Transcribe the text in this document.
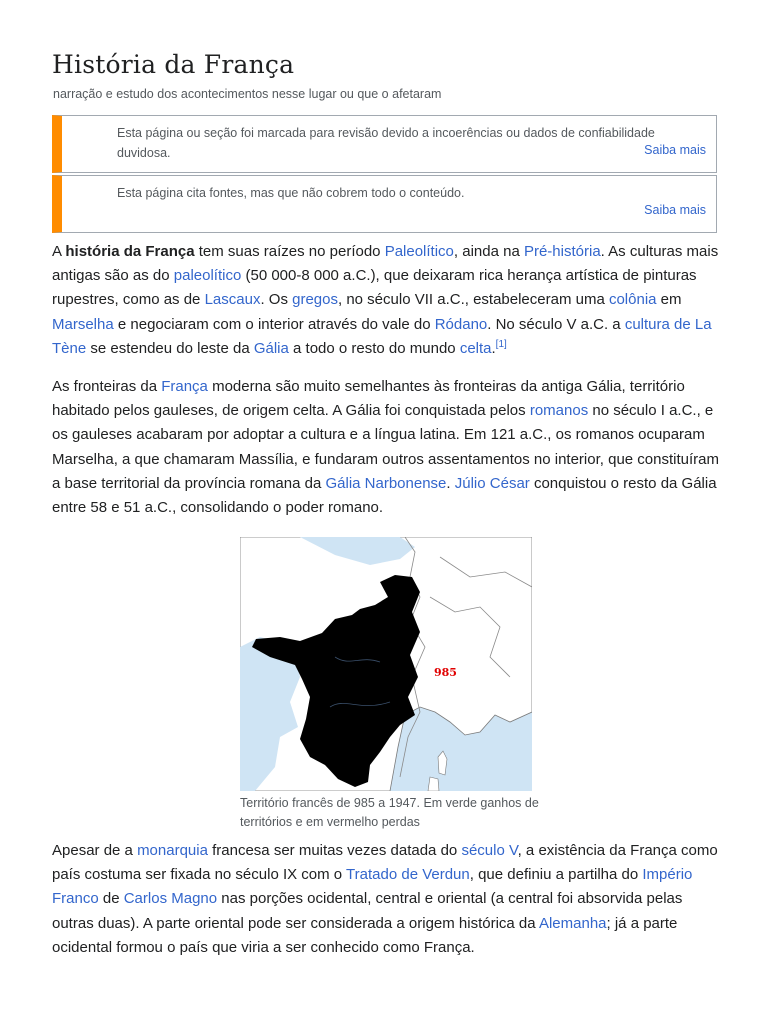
História da França
narração e estudo dos acontecimentos nesse lugar ou que o afetaram
Esta página ou seção foi marcada para revisão devido a incoerências ou dados de confiabilidade duvidosa.	Saiba mais
Esta página cita fontes, mas que não cobrem todo o conteúdo.
Saiba mais

A história da França tem suas raízes no período Paleolítico, ainda na Pré-história. As culturas mais antigas são as do paleolítico (50 000-8 000 a.C.), que deixaram rica herança artística de pinturas rupestres, como as de Lascaux. Os gregos, no século VII a.C., estabeleceram uma colônia em Marselha e negociaram com o interior através do vale do Ródano. No século V a.C. a cultura de La Tène se estendeu do leste da Gália a todo o resto do mundo celta.[1]

As fronteiras da França moderna são muito semelhantes às fronteiras da antiga Gália, território habitado pelos gauleses, de origem celta. A Gália foi conquistada pelos romanos no século I a.C., e os gauleses acabaram por adoptar a cultura e a língua latina. Em 121 a.C., os romanos ocuparam Marselha, a que chamaram Massília, e fundaram outros assentamentos no interior, que constituíram a base territorial da província romana da Gália Narbonense. Júlio César conquistou o resto da Gália entre 58 e 51 a.C., consolidando o poder romano.

985
Território francês de 985 a 1947. Em verde ganhos de territórios e em vermelho perdas

Apesar de a monarquia francesa ser muitas vezes datada do século V, a existência da França como país costuma ser fixada no século IX com o Tratado de Verdun, que definiu a partilha do Império Franco de Carlos Magno nas porções ocidental, central e oriental (a central foi absorvida pelas outras duas). A parte oriental pode ser considerada a origem histórica da Alemanha; já a parte ocidental formou o país que viria a ser conhecido como França.
